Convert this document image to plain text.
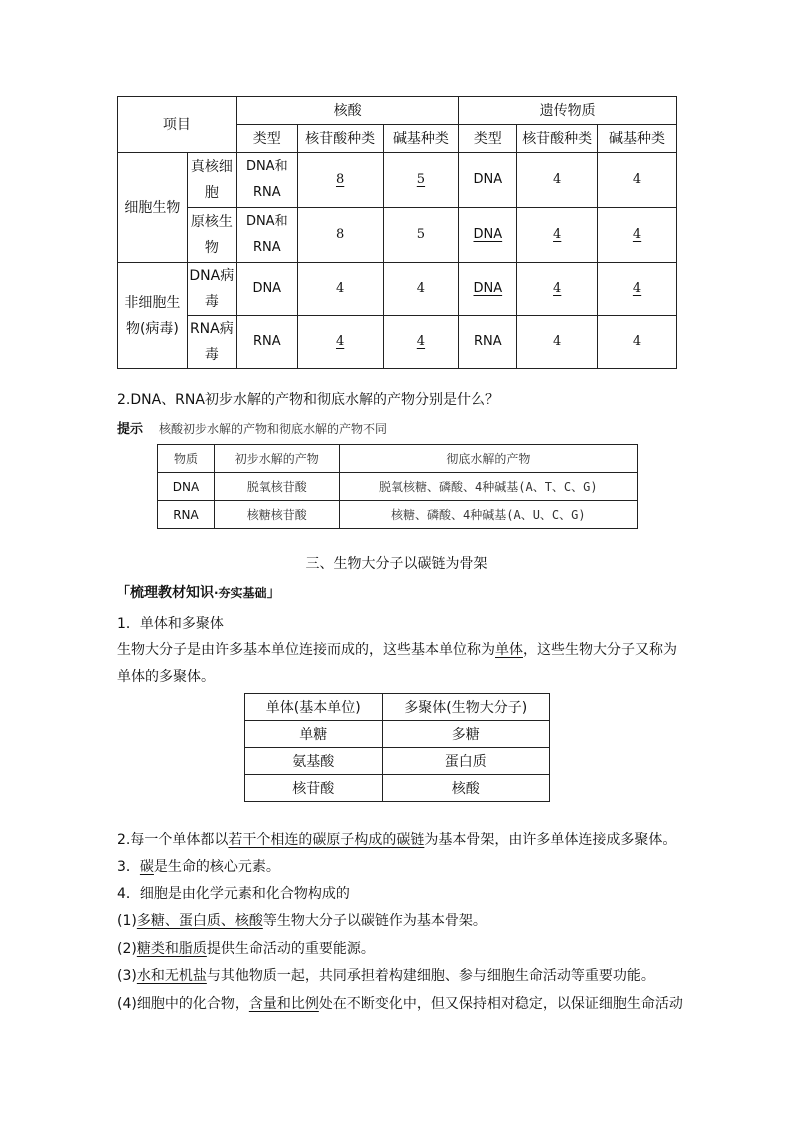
项目		核酸			遗传物质		
		类型	核苷酸种类	碱基种类	类型	核苷酸种类	碱基种类
细胞生物	真核细胞	DNA和RNA	8	5	DNA	4	4
	原核生物	DNA和RNA	8	5	DNA	4	4
非细胞生物(病毒)	DNA病毒	DNA	4	4	DNA	4	4
	RNA病毒	RNA	4	4	RNA	4	4
2.DNA、RNA初步水解的产物和彻底水解的产物分别是什么？
提示 核酸初步水解的产物和彻底水解的产物不同
物质	初步水解的产物	彻底水解的产物
DNA	脱氧核苷酸	脱氧核糖、磷酸、4种碱基(A、T、C、G)
RNA	核糖核苷酸	核糖、磷酸、4种碱基(A、U、C、G)
三、生物大分子以碳链为骨架
「梳理教材知识·夯实基础」
1．单体和多聚体
生物大分子是由许多基本单位连接而成的，这些基本单位称为单体，这些生物大分子又称为
单体的多聚体。
单体(基本单位)	多聚体(生物大分子)
单糖	多糖
氨基酸	蛋白质
核苷酸	核酸
2.每一个单体都以若干个相连的碳原子构成的碳链为基本骨架，由许多单体连接成多聚体。
3．碳是生命的核心元素。
4．细胞是由化学元素和化合物构成的
(1)多糖、蛋白质、核酸等生物大分子以碳链作为基本骨架。
(2)糖类和脂质提供生命活动的重要能源。
(3)水和无机盐与其他物质一起，共同承担着构建细胞、参与细胞生命活动等重要功能。
(4)细胞中的化合物，含量和比例处在不断变化中，但又保持相对稳定，以保证细胞生命活动
